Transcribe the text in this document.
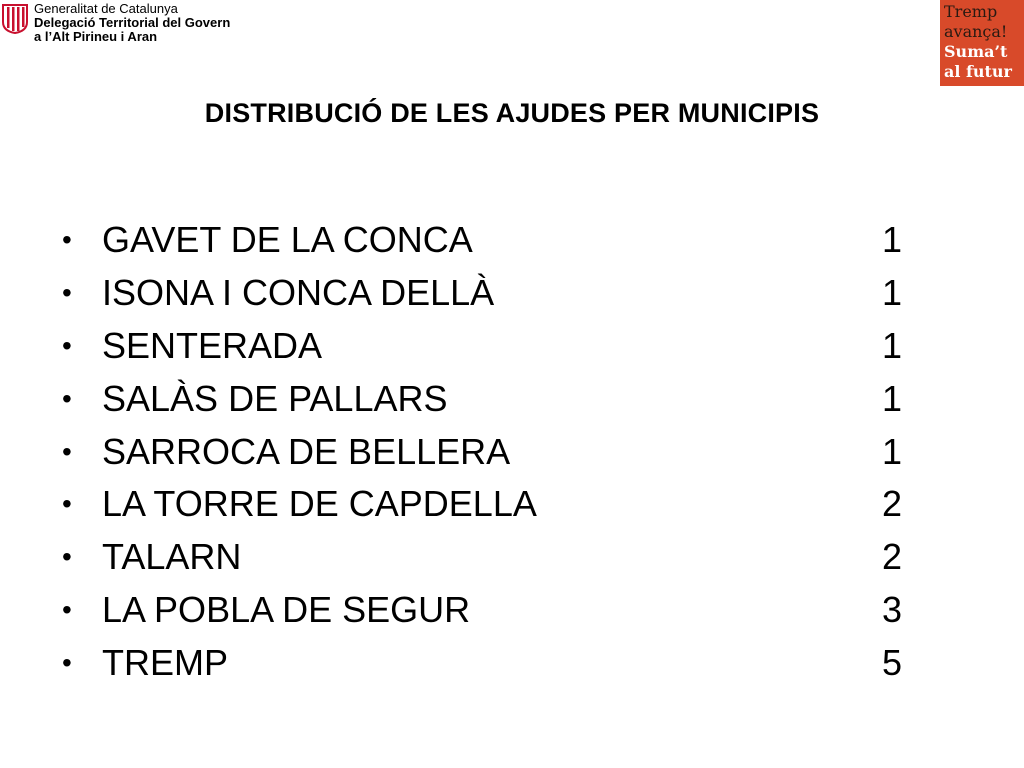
Generalitat de Catalunya
Delegació Territorial del Govern
a l’Alt Pirineu i Aran
Tremp
avança!
Suma’t
al futur
DISTRIBUCIÓ DE LES AJUDES PER MUNICIPIS
• GAVET DE LA CONCA	1
• ISONA I CONCA DELLÀ	1
• SENTERADA	1
• SALÀS DE PALLARS	1
• SARROCA DE BELLERA	1
• LA TORRE DE CAPDELLA	2
• TALARN	2
• LA POBLA DE SEGUR	3
• TREMP	5
